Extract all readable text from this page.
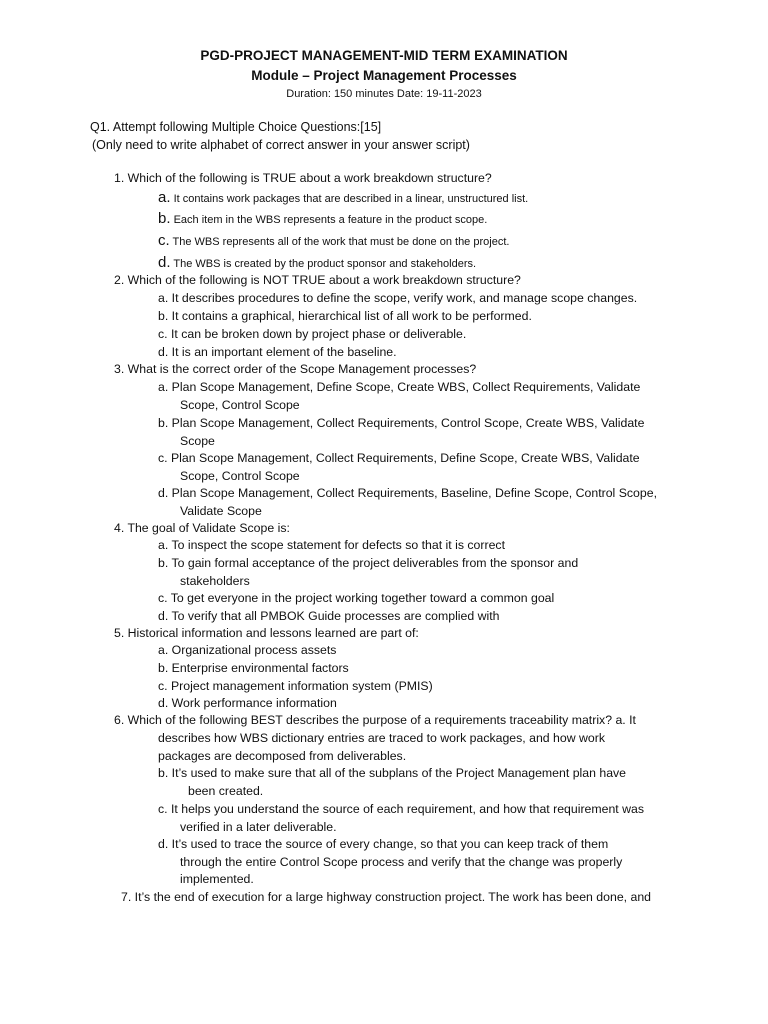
PGD-PROJECT MANAGEMENT-MID TERM EXAMINATION
Module – Project Management Processes
Duration: 150 minutes Date: 19-11-2023
Q1. Attempt following Multiple Choice Questions:[15]
(Only need to write alphabet of correct answer in your answer script)
1. Which of the following is TRUE about a work breakdown structure?
a. It contains work packages that are described in a linear, unstructured list.
b. Each item in the WBS represents a feature in the product scope.
c. The WBS represents all of the work that must be done on the project.
d. The WBS is created by the product sponsor and stakeholders.
2. Which of the following is NOT TRUE about a work breakdown structure?
a. It describes procedures to define the scope, verify work, and manage scope changes.
b. It contains a graphical, hierarchical list of all work to be performed.
c. It can be broken down by project phase or deliverable.
d. It is an important element of the baseline.
3. What is the correct order of the Scope Management processes?
a. Plan Scope Management, Define Scope, Create WBS, Collect Requirements, Validate
Scope, Control Scope
b. Plan Scope Management, Collect Requirements, Control Scope, Create WBS, Validate
Scope
c. Plan Scope Management, Collect Requirements, Define Scope, Create WBS, Validate
Scope, Control Scope
d. Plan Scope Management, Collect Requirements, Baseline, Define Scope, Control Scope,
Validate Scope
4. The goal of Validate Scope is:
a. To inspect the scope statement for defects so that it is correct
b. To gain formal acceptance of the project deliverables from the sponsor and
stakeholders
c. To get everyone in the project working together toward a common goal
d. To verify that all PMBOK Guide processes are complied with
5. Historical information and lessons learned are part of:
a. Organizational process assets
b. Enterprise environmental factors
c. Project management information system (PMIS)
d. Work performance information
6. Which of the following BEST describes the purpose of a requirements traceability matrix? a. It
describes how WBS dictionary entries are traced to work packages, and how work
packages are decomposed from deliverables.
b. It’s used to make sure that all of the subplans of the Project Management plan have
been created.
c. It helps you understand the source of each requirement, and how that requirement was
verified in a later deliverable.
d. It’s used to trace the source of every change, so that you can keep track of them
through the entire Control Scope process and verify that the change was properly
implemented.
7. It’s the end of execution for a large highway construction project. The work has been done, and
